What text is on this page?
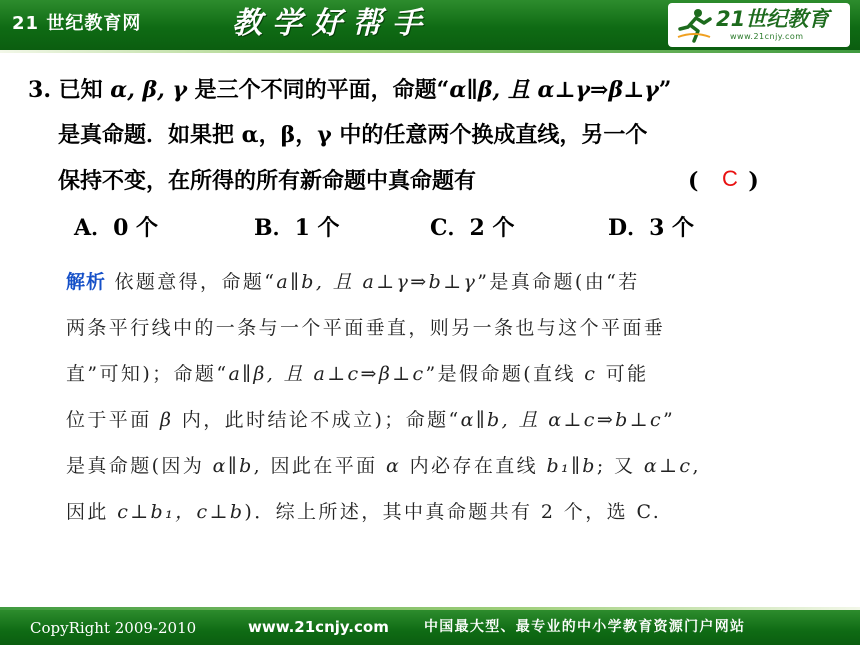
21 世纪教育网	教学好帮手	21世纪教育
www.21cnjy.com
3. 已知 α, β, γ 是三个不同的平面，命题“α∥β, 且 α⊥γ⇒β⊥γ”
是真命题．如果把 α，β，γ 中的任意两个换成直线，另一个
保持不变，在所得的所有新命题中真命题有	( )
C
A．0 个	B．1 个	C．2 个	D．3 个
解析 依题意得，命题“a∥b, 且 a⊥γ⇒b⊥γ”是真命题(由“若
两条平行线中的一条与一个平面垂直，则另一条也与这个平面垂
直”可知)；命题“a∥β, 且 a⊥c⇒β⊥c”是假命题(直线 c 可能
位于平面 β 内，此时结论不成立)；命题“α∥b, 且 α⊥c⇒b⊥c”
是真命题(因为 α∥b, 因此在平面 α 内必存在直线 b₁∥b; 又 α⊥c,
因此 c⊥b₁，c⊥b)．综上所述，其中真命题共有 2 个，选 C.
CopyRight 2009-2010	www.21cnjy.com	中国最大型、最专业的中小学教育资源门户网站
